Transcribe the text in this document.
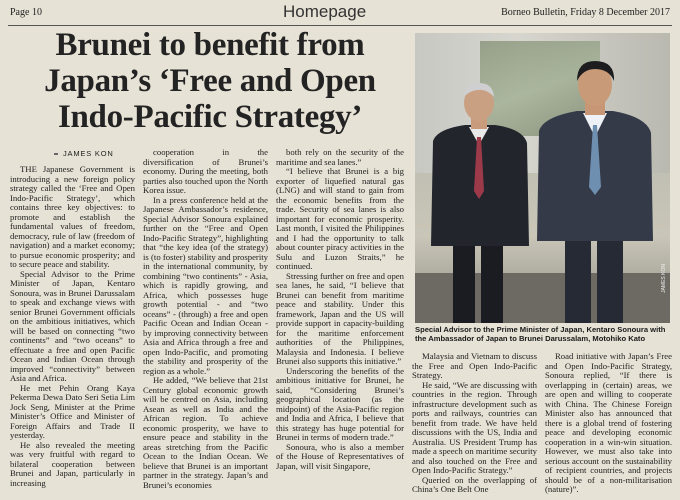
Page 10	Homepage	Borneo Bulletin, Friday 8 December 2017
Brunei to benefit from Japan’s ‘Free and Open Indo-Pacific Strategy’
JAMES KON

THE Japanese Government is introducing a new foreign policy strategy called the ‘Free and Open Indo-Pacific Strategy’, which contains three key objectives: to promote and establish the fundamental values of freedom, democracy, rule of law (freedom of navigation) and a market economy; to pursue economic prosperity; and to secure peace and stability.

Special Advisor to the Prime Minister of Japan, Kentaro Sonoura, was in Brunei Darussalam to speak and exchange views with senior Brunei Government officials on the ambitious initiatives, which will be based on connecting “two continents” and “two oceans” to effectuate a free and open Pacific Ocean and Indian Ocean through improved “connectivity” between Asia and Africa.

He met Pehin Orang Kaya Pekerma Dewa Dato Seri Setia Lim Jock Seng, Minister at the Prime Minister’s Office and Minister of Foreign Affairs and Trade II yesterday.

He also revealed the meeting was very fruitful with regard to bilateral cooperation between Brunei and Japan, particularly in increasing

cooperation in the diversification of Brunei’s economy. During the meeting, both parties also touched upon the North Korea issue.

In a press conference held at the Japanese Ambassador’s residence, Special Advisor Sonoura explained further on the “Free and Open Indo-Pacific Strategy”, highlighting that “the key idea (of the strategy) is (to foster) stability and prosperity in the international community, by combining “two continents” - Asia, which is rapidly growing, and Africa, which possesses huge growth potential - and “two oceans” - (through) a free and open Pacific Ocean and Indian Ocean - by improving connectivity between Asia and Africa through a free and open Indo-Pacific, and promoting the stability and prosperity of the region as a whole.”

He added, “We believe that 21st Century global economic growth will be centred on Asia, including Asean as well as India and the African region. To achieve economic prosperity, we have to ensure peace and stability in the areas stretching from the Pacific Ocean to the Indian Ocean. We believe that Brunei is an important partner in the strategy. Japan’s and Brunei’s economies

both rely on the security of the maritime and sea lanes.”

“I believe that Brunei is a big exporter of liquefied natural gas (LNG) and will stand to gain from the economic benefits from the trade. Security of sea lanes is also important for economic prosperity. Last month, I visited the Philippines and I had the opportunity to talk about counter piracy activities in the Sulu and Luzon Straits,” he continued.

Stressing further on free and open sea lanes, he said, “I believe that Brunei can benefit from maritime peace and stability. Under this framework, Japan and the US will provide support in capacity-building for the maritime enforcement authorities of the Philippines, Malaysia and Indonesia. I believe Brunei also supports this initiative.”

Underscoring the benefits of the ambitious initiative for Brunei, he said, “Considering Brunei’s geographical location (as the midpoint) of the Asia-Pacific region and India and Africa, I believe that this strategy has huge potential for Brunei in terms of modern trade.”

Sonoura, who is also a member of the House of Representatives of Japan, will visit Singapore,

JAMES KON
Special Advisor to the Prime Minister of Japan, Kentaro Sonoura with the Ambassador of Japan to Brunei Darussalam, Motohiko Kato

Malaysia and Vietnam to discuss the Free and Open Indo-Pacific Strategy.

He said, “We are discussing with countries in the region. Through infrastructure development such as ports and railways, countries can benefit from trade. We have held discussions with the US, India and Australia. US President Trump has made a speech on maritime security and also touched on the Free and Open Indo-Pacific Strategy.”

Queried on the overlapping of China’s One Belt One

Road initiative with Japan’s Free and Open Indo-Pacific Strategy, Sonoura replied, “If there is overlapping in (certain) areas, we are open and willing to cooperate with China. The Chinese Foreign Minister also has announced that there is a global trend of fostering peace and developing economic cooperation in a win-win situation. However, we must also take into serious account on the sustainability of recipient countries, and projects should be of a non-militarisation (nature)”.
